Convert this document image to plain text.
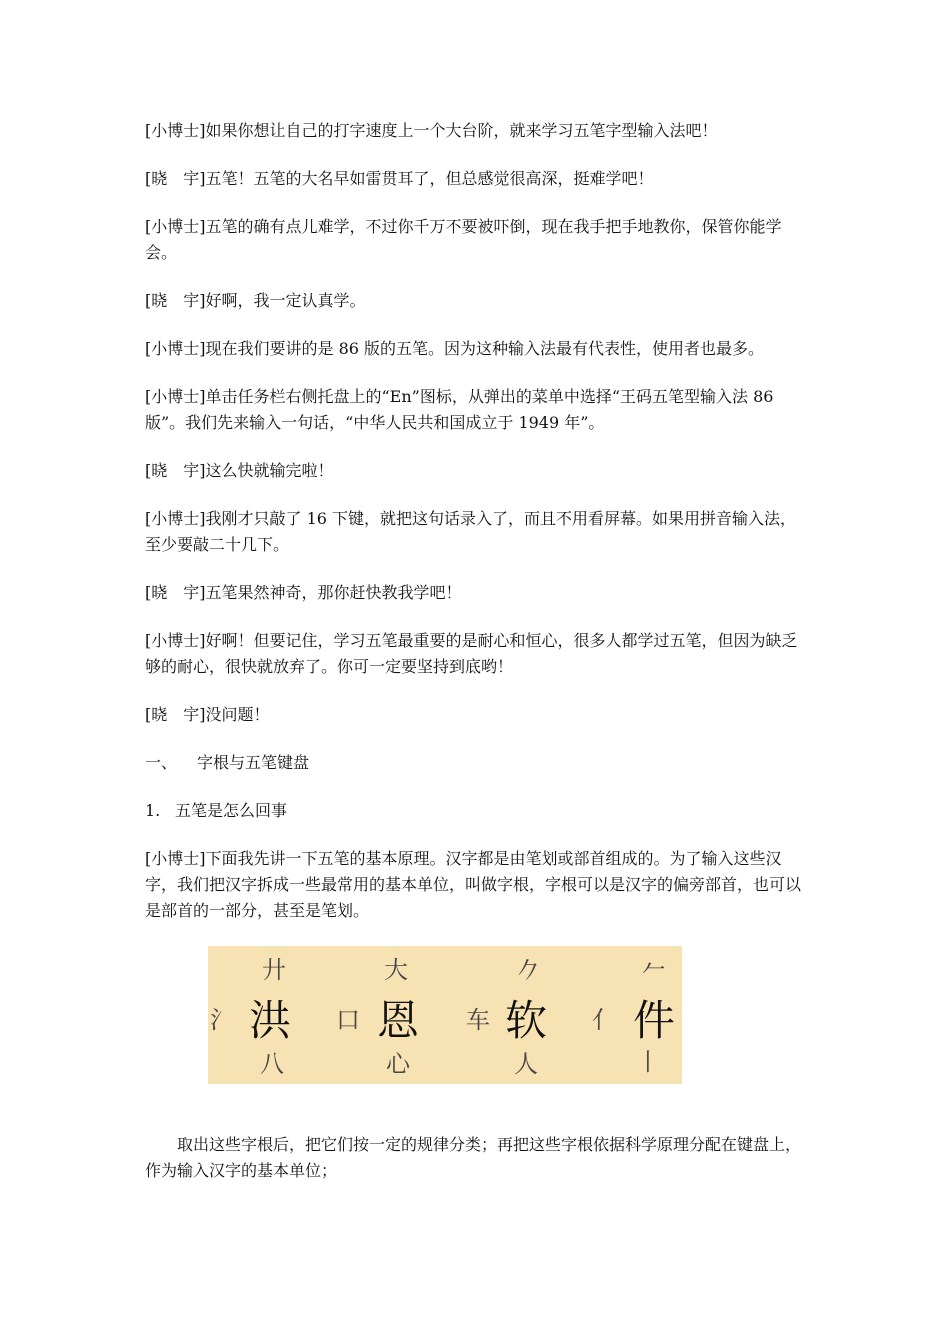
[小博士]如果你想让自己的打字速度上一个大台阶，就来学习五笔字型输入法吧！

[晓　宇]五笔！五笔的大名早如雷贯耳了，但总感觉很高深，挺难学吧！

[小博士]五笔的确有点儿难学，不过你千万不要被吓倒，现在我手把手地教你，保管你能学会。

[晓　宇]好啊，我一定认真学。

[小博士]现在我们要讲的是 86 版的五笔。因为这种输入法最有代表性，使用者也最多。

[小博士]单击任务栏右侧托盘上的“En”图标，从弹出的菜单中选择“王码五笔型输入法 86 版”。我们先来输入一句话，“中华人民共和国成立于 1949 年”。

[晓　宇]这么快就输完啦！

[小博士]我刚才只敲了 16 下键，就把这句话录入了，而且不用看屏幕。如果用拼音输入法，至少要敲二十几下。

[晓　宇]五笔果然神奇，那你赶快教我学吧！

[小博士]好啊！但要记住，学习五笔最重要的是耐心和恒心，很多人都学过五笔，但因为缺乏够的耐心，很快就放弃了。你可一定要坚持到底哟！

[晓　宇]没问题！

一、 字根与五笔键盘

1. 五笔是怎么回事

[小博士]下面我先讲一下五笔的基本原理。汉字都是由笔划或部首组成的。为了输入这些汉字，我们把汉字拆成一些最常用的基本单位，叫做字根，字根可以是汉字的偏旁部首，也可以是部首的一部分，甚至是笔划。

廾
氵 洪
八
大
口 恩
心
𠂊
车 软
人
𠂉
亻 件
丨

取出这些字根后，把它们按一定的规律分类；再把这些字根依据科学原理分配在键盘上，作为输入汉字的基本单位；
